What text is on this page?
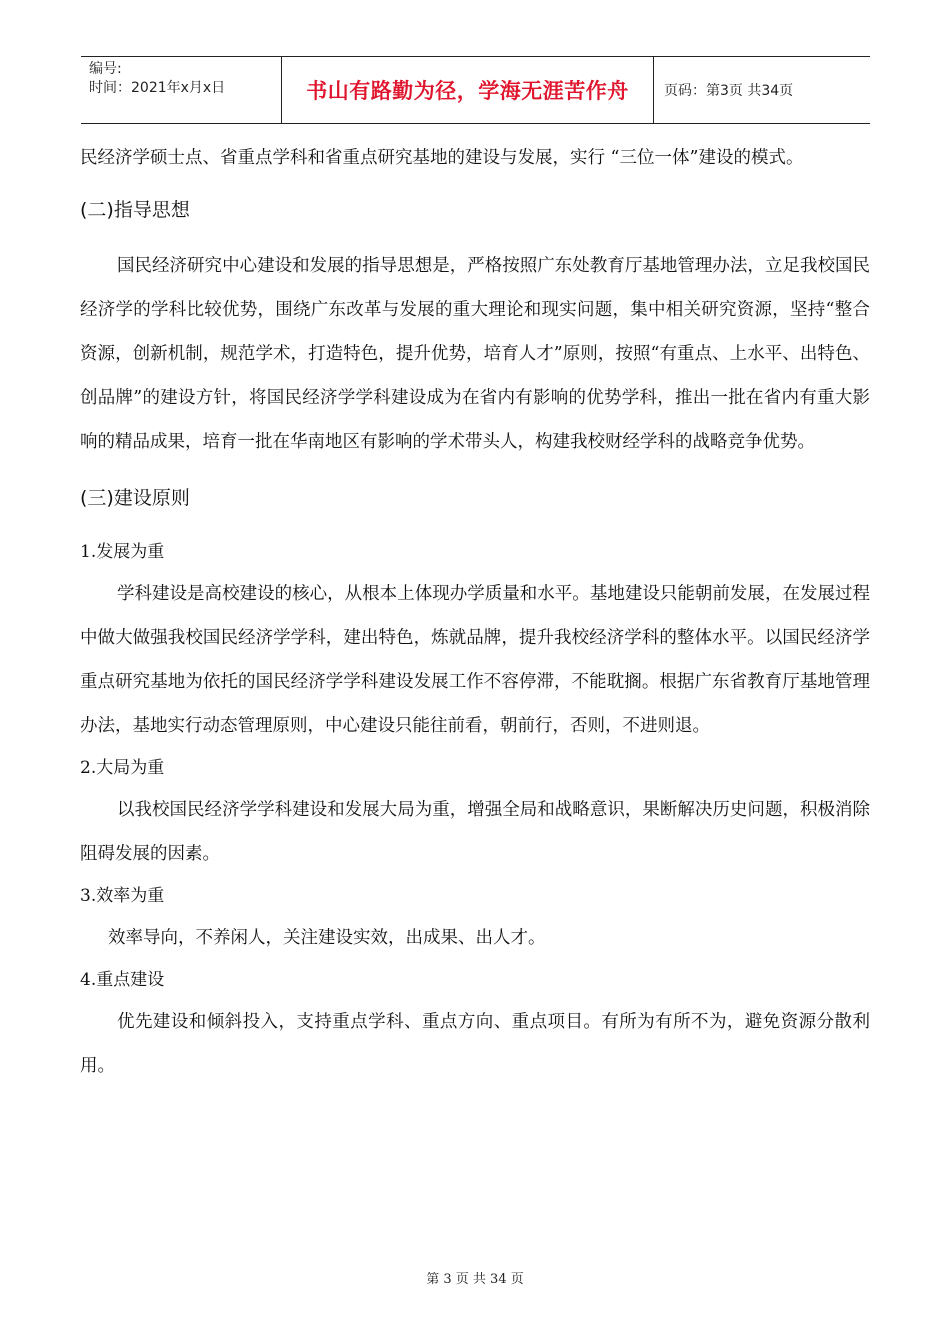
编号:
时间：2021年x月x日	书山有路勤为径，学海无涯苦作舟	页码：第3页 共34页

民经济学硕士点、省重点学科和省重点研究基地的建设与发展，实行 “三位一体”建设的模式。

(二)指导思想

国民经济研究中心建设和发展的指导思想是，严格按照广东处教育厅基地管理办法，立足我校国民经济学的学科比较优势，围绕广东改革与发展的重大理论和现实问题，集中相关研究资源，坚持“整合资源，创新机制，规范学术，打造特色，提升优势，培育人才”原则，按照“有重点、上水平、出特色、创品牌”的建设方针，将国民经济学学科建设成为在省内有影响的优势学科，推出一批在省内有重大影响的精品成果，培育一批在华南地区有影响的学术带头人，构建我校财经学科的战略竞争优势。

(三)建设原则

1.发展为重

学科建设是高校建设的核心，从根本上体现办学质量和水平。基地建设只能朝前发展，在发展过程中做大做强我校国民经济学学科，建出特色，炼就品牌，提升我校经济学科的整体水平。以国民经济学重点研究基地为依托的国民经济学学科建设发展工作不容停滞，不能耽搁。根据广东省教育厅基地管理办法，基地实行动态管理原则，中心建设只能往前看，朝前行，否则，不进则退。

2.大局为重

以我校国民经济学学科建设和发展大局为重，增强全局和战略意识，果断解决历史问题，积极消除阻碍发展的因素。

3.效率为重

效率导向，不养闲人，关注建设实效，出成果、出人才。

4.重点建设

优先建设和倾斜投入，支持重点学科、重点方向、重点项目。有所为有所不为，避免资源分散利用。

第 3 页 共 34 页
